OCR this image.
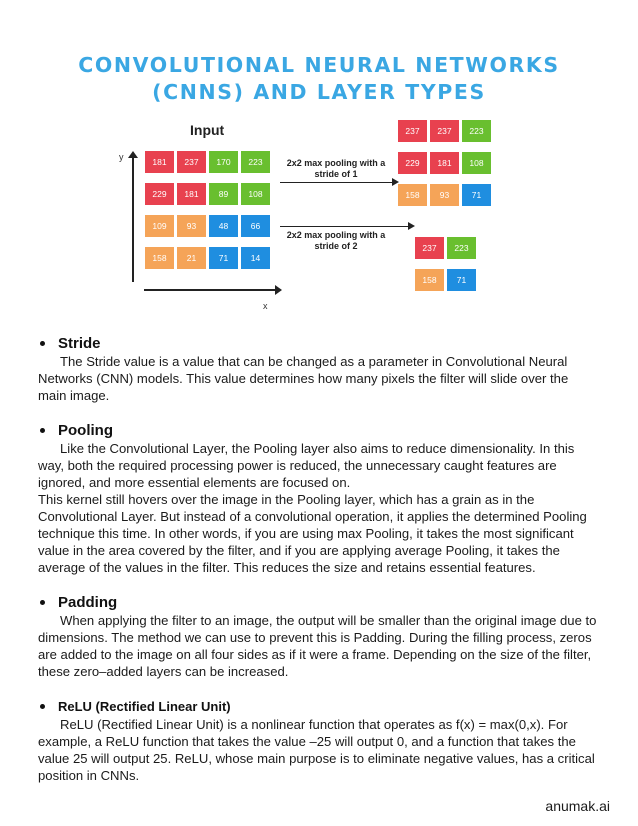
CONVOLUTIONAL NEURAL NETWORKS
(CNNS) AND LAYER TYPES
Input
y
x
181	237	170	223
229	181	89	108
109	93	48	66
158	21	71	14
2x2 max pooling with a
stride of 1
237	237	223
229	181	108
158	93	71
2x2 max pooling with a
stride of 2	237	223
158	71
Stride

The Stride value is a value that can be changed as a parameter in Convolutional Neural Networks (CNN) models. This value determines how many pixels the filter will slide over the main image.

Pooling

Like the Convolutional Layer, the Pooling layer also aims to reduce dimensionality. In this way, both the required processing power is reduced, the unnecessary caught features are ignored, and more essential elements are focused on.

This kernel still hovers over the image in the Pooling layer, which has a grain as in the Convolutional Layer. But instead of a convolutional operation, it applies the determined Pooling technique this time. In other words, if you are using max Pooling, it takes the most significant value in the area covered by the filter, and if you are applying average Pooling, it takes the average of the values in the filter. This reduces the size and retains essential features.

Padding

When applying the filter to an image, the output will be smaller than the original image due to dimensions. The method we can use to prevent this is Padding. During the filling process, zeros are added to the image on all four sides as if it were a frame. Depending on the size of the filter, these zero–added layers can be increased.

ReLU (Rectified Linear Unit)

ReLU (Rectified Linear Unit) is a nonlinear function that operates as f(x) = max(0,x). For example, a ReLU function that takes the value –25 will output 0, and a function that takes the value 25 will output 25. ReLU, whose main purpose is to eliminate negative values, has a critical position in CNNs.

anumak.ai
